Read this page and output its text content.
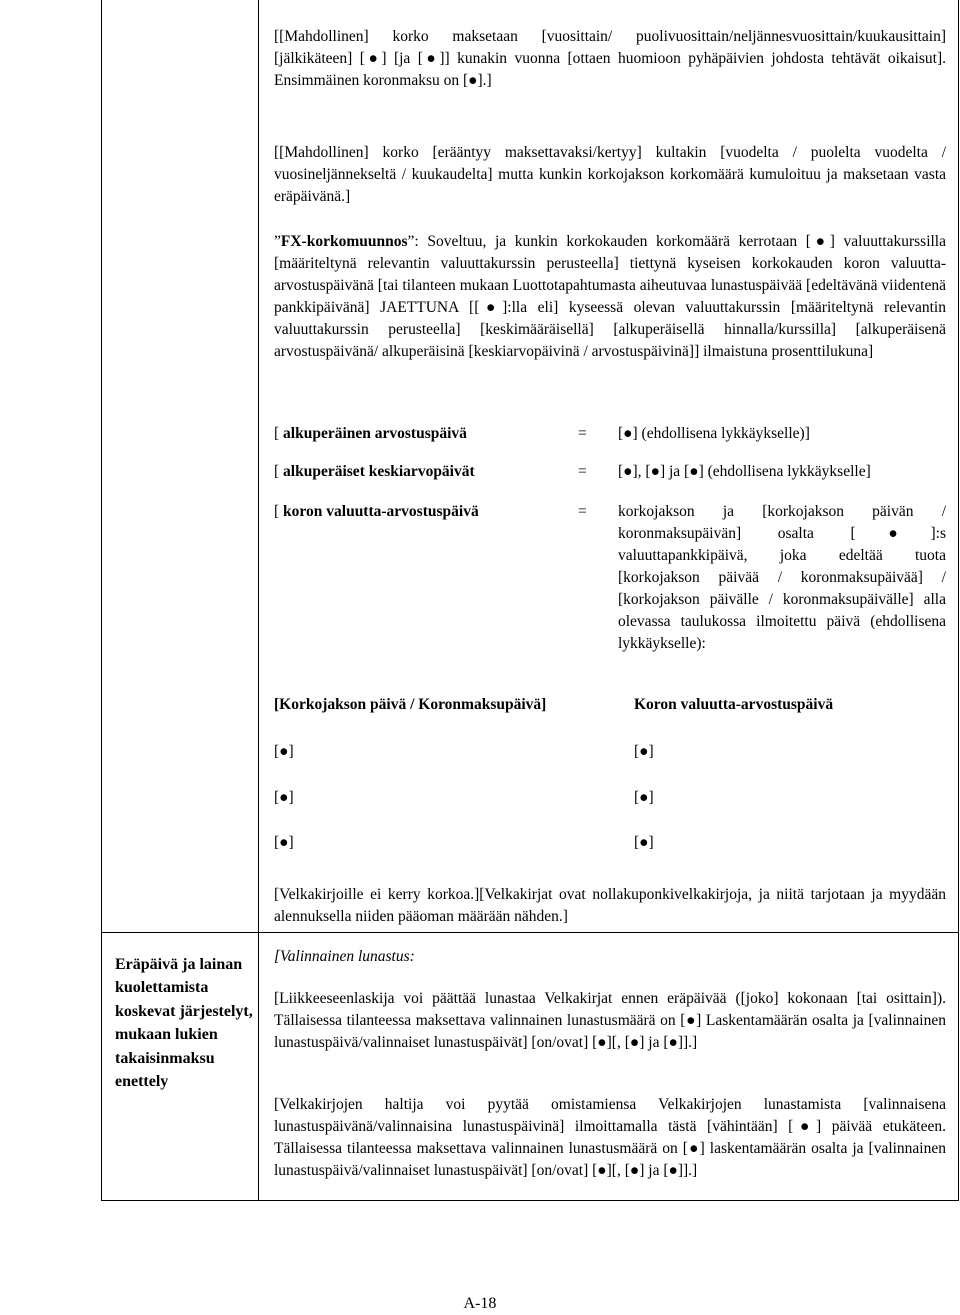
[[Mahdollinen] korko maksetaan [vuosittain/ puolivuosittain/neljännesvuosittain/kuukausittain] [jälkikäteen] [●] [ja [●]] kunakin vuonna [ottaen huomioon pyhäpäivien johdosta tehtävät oikaisut]. Ensimmäinen koronmaksu on [●].]

[[Mahdollinen] korko [erääntyy maksettavaksi/kertyy] kultakin [vuodelta / puolelta vuodelta / vuosineljännekseltä / kuukaudelta] mutta kunkin korkojakson korkomäärä kumuloituu ja maksetaan vasta eräpäivänä.]

”FX-korkomuunnos”: Soveltuu, ja kunkin korkokauden korkomäärä kerrotaan [●] valuuttakurssilla [määriteltynä relevantin valuuttakurssin perusteella] tiettynä kyseisen korkokauden koron valuutta-arvostuspäivänä [tai tilanteen mukaan Luottotapahtumasta aiheutuvaa lunastuspäivää [edeltävänä viidentenä pankkipäivänä] JAETTUNA [[●]:lla eli] kyseessä olevan valuuttakurssin [määriteltynä relevantin valuuttakurssin perusteella] [keskimääräisellä] [alkuperäisellä hinnalla/kurssilla] [alkuperäisenä arvostuspäivänä/ alkuperäisinä [keskiarvopäivinä / arvostuspäivinä]] ilmaistuna prosenttilukuna]

[ alkuperäinen arvostuspäivä	= [●] (ehdollisena lykkäykselle)]
[ alkuperäiset keskiarvopäivät	= [●], [●] ja [●] (ehdollisena lykkäykselle]
[ koron valuutta-arvostuspäivä	= korkojakson ja [korkojakson päivän / koronmaksupäivän] osalta [●]:s valuuttapankkipäivä, joka edeltää tuota [korkojakson päivää / koronmaksupäivää] / [korkojakson päivälle / koronmaksupäivälle] alla olevassa taulukossa ilmoitettu päivä (ehdollisena lykkäykselle):
[Korkojakson päivä / Koronmaksupäivä]	Koron valuutta-arvostuspäivä
[●]	[●]
[●]	[●]
[●]	[●]

[Velkakirjoille ei kerry korkoa.][Velkakirjat ovat nollakuponkivelkakirjoja, ja niitä tarjotaan ja myydään alennuksella niiden pääoman määrään nähden.]

Eräpäivä ja lainan kuolettamista koskevat järjestelyt, mukaan lukien takaisinmaksu enettely

[Valinnainen lunastus:

[Liikkeeseenlaskija voi päättää lunastaa Velkakirjat ennen eräpäivää ([joko] kokonaan [tai osittain]). Tällaisessa tilanteessa maksettava valinnainen lunastusmäärä on [●] Laskentamäärän osalta ja [valinnainen lunastuspäivä/valinnaiset lunastuspäivät] [on/ovat] [●][, [●] ja [●]].]

[Velkakirjojen haltija voi pyytää omistamiensa Velkakirjojen lunastamista [valinnaisena lunastuspäivänä/valinnaisina lunastuspäivinä] ilmoittamalla tästä [vähintään] [●] päivää etukäteen. Tällaisessa tilanteessa maksettava valinnainen lunastusmäärä on [●] laskentamäärän osalta ja [valinnainen lunastuspäivä/valinnaiset lunastuspäivät] [on/ovat] [●][, [●] ja [●]].]

A-18
